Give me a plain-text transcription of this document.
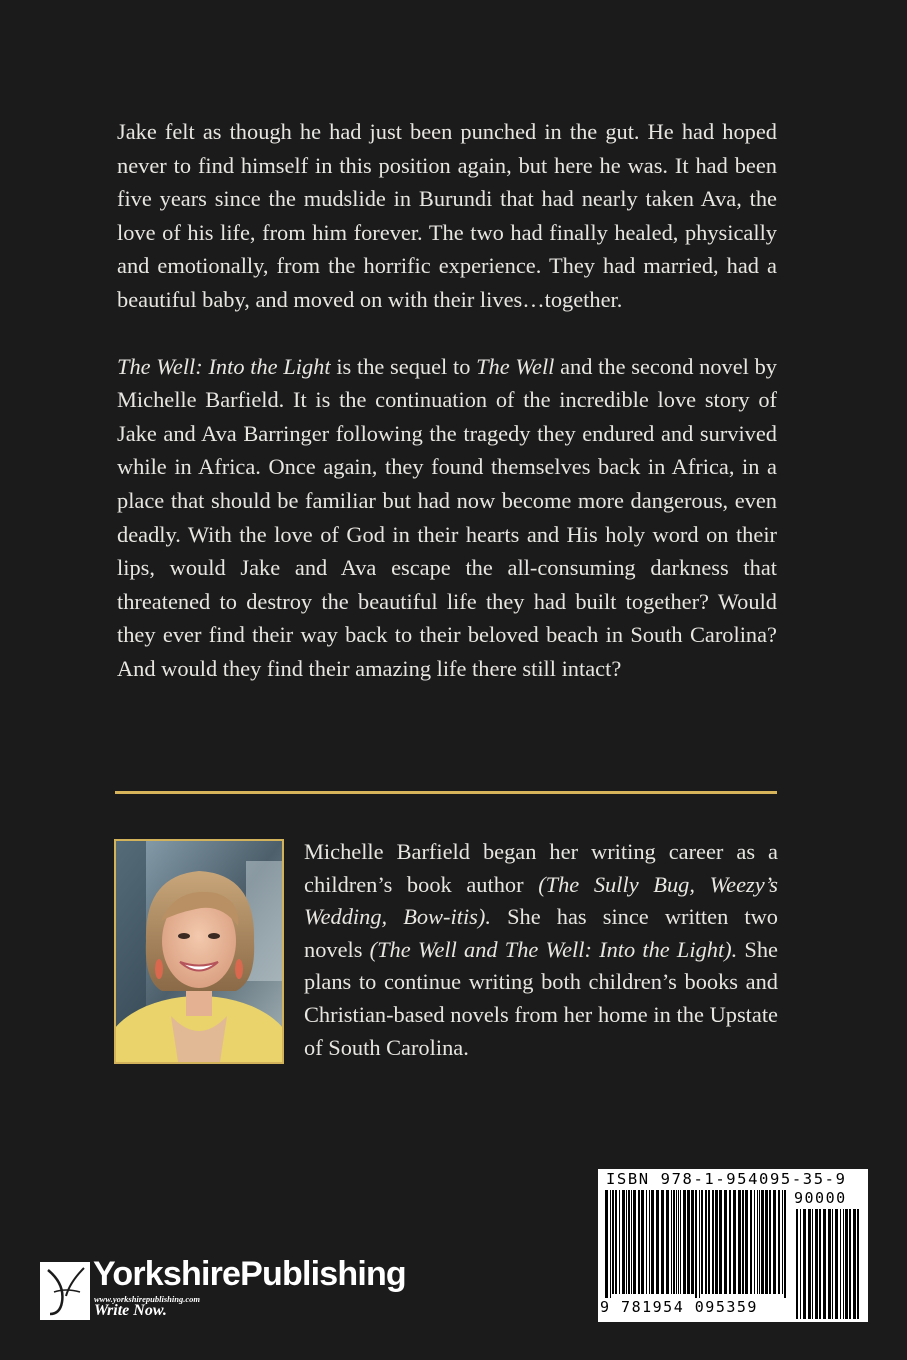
Jake felt as though he had just been punched in the gut. He had hoped never to find himself in this position again, but here he was. It had been five years since the mudslide in Burundi that had nearly taken Ava, the love of his life, from him forever. The two had finally healed, physically and emotionally, from the horrific experience. They had married, had a beautiful baby, and moved on with their lives…together.

The Well: Into the Light is the sequel to The Well and the second novel by Michelle Barfield. It is the continuation of the incredible love story of Jake and Ava Barringer following the tragedy they endured and survived while in Africa. Once again, they found themselves back in Africa, in a place that should be familiar but had now become more dangerous, even deadly. With the love of God in their hearts and His holy word on their lips, would Jake and Ava escape the all-consuming darkness that threatened to destroy the beautiful life they had built together? Would they ever find their way back to their beloved beach in South Carolina? And would they find their amazing life there still intact?

Michelle Barfield began her writing career as a children’s book author (The Sully Bug, Weezy’s Wedding, Bow-itis). She has since written two novels (The Well and The Well: Into the Light). She plans to continue writing both children’s books and Christian-based novels from her home in the Upstate of South Carolina.

ISBN 978-1-954095-35-9
90000
9 781954 095359
YorkshirePublishing
www.yorkshirepublishing.com
Write Now.
